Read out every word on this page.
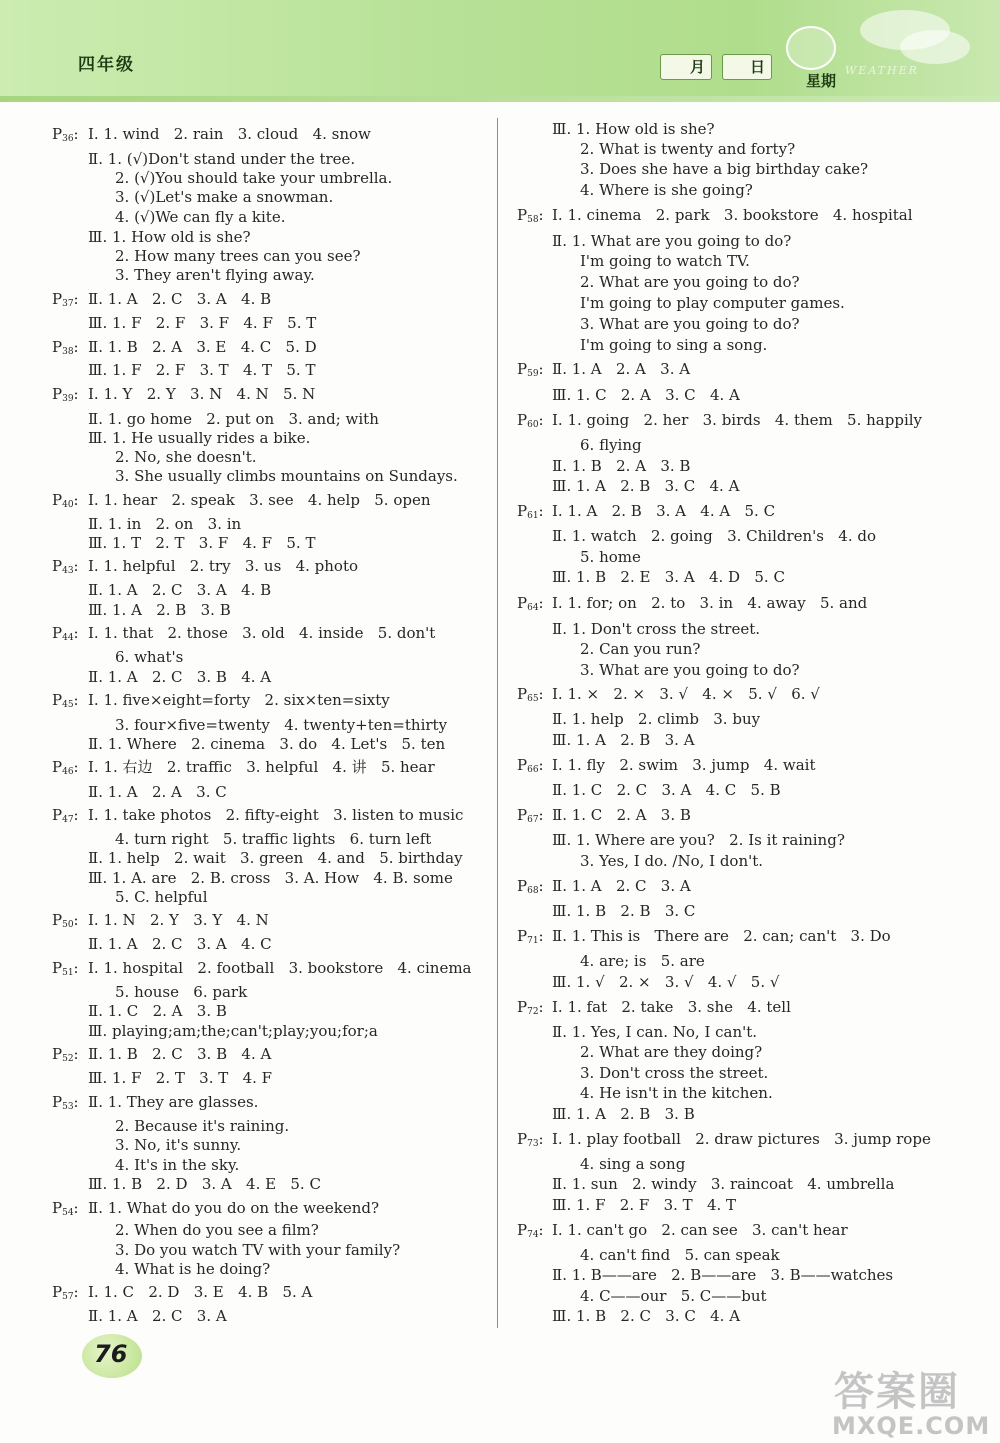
四年级	月	日
星期
WEATHER
$P_{36}$: Ⅰ. 1. wind   2. rain   3. cloud   4. snow
Ⅱ. 1. (√)Don't stand under the tree.
2. (√)You should take your umbrella.
3. (√)Let's make a snowman.
4. (√)We can fly a kite.
Ⅲ. 1. How old is she?
2. How many trees can you see?
3. They aren't flying away.
$P_{37}$: Ⅱ. 1. A   2. C   3. A   4. B
Ⅲ. 1. F   2. F   3. F   4. F   5. T
$P_{38}$: Ⅱ. 1. B   2. A   3. E   4. C   5. D
Ⅲ. 1. F   2. F   3. T   4. T   5. T
$P_{39}$: Ⅰ. 1. Y   2. Y   3. N   4. N   5. N
Ⅱ. 1. go home   2. put on   3. and; with
Ⅲ. 1. He usually rides a bike.
2. No, she doesn't.
3. She usually climbs mountains on Sundays.
$P_{40}$: Ⅰ. 1. hear   2. speak   3. see   4. help   5. open
Ⅱ. 1. in   2. on   3. in
Ⅲ. 1. T   2. T   3. F   4. F   5. T
$P_{43}$: Ⅰ. 1. helpful   2. try   3. us   4. photo
Ⅱ. 1. A   2. C   3. A   4. B
Ⅲ. 1. A   2. B   3. B
$P_{44}$: Ⅰ. 1. that   2. those   3. old   4. inside   5. don't
6. what's
Ⅱ. 1. A   2. C   3. B   4. A
$P_{45}$: Ⅰ. 1. five×eight=forty   2. six×ten=sixty
3. four×five=twenty   4. twenty+ten=thirty
Ⅱ. 1. Where   2. cinema   3. do   4. Let's   5. ten
$P_{46}$: Ⅰ. 1. 右边   2. traffic   3. helpful   4. 讲   5. hear
Ⅱ. 1. A   2. A   3. C
$P_{47}$: Ⅰ. 1. take photos   2. fifty-eight   3. listen to music
4. turn right   5. traffic lights   6. turn left
Ⅱ. 1. help   2. wait   3. green   4. and   5. birthday
Ⅲ. 1. A. are   2. B. cross   3. A. How   4. B. some
5. C. helpful
$P_{50}$: Ⅰ. 1. N   2. Y   3. Y   4. N
Ⅱ. 1. A   2. C   3. A   4. C
$P_{51}$: Ⅰ. 1. hospital   2. football   3. bookstore   4. cinema
5. house   6. park
Ⅱ. 1. C   2. A   3. B
Ⅲ. playing;am;the;can't;play;you;for;a
$P_{52}$: Ⅱ. 1. B   2. C   3. B   4. A
Ⅲ. 1. F   2. T   3. T   4. F
$P_{53}$: Ⅱ. 1. They are glasses.
2. Because it's raining.
3. No, it's sunny.
4. It's in the sky.
Ⅲ. 1. B   2. D   3. A   4. E   5. C
$P_{54}$: Ⅱ. 1. What do you do on the weekend?
2. When do you see a film?
3. Do you watch TV with your family?
4. What is he doing?
$P_{57}$: Ⅰ. 1. C   2. D   3. E   4. B   5. A
Ⅱ. 1. A   2. C   3. A
Ⅲ. 1. How old is she?
2. What is twenty and forty?
3. Does she have a big birthday cake?
4. Where is she going?
$P_{58}$: Ⅰ. 1. cinema   2. park   3. bookstore   4. hospital
Ⅱ. 1. What are you going to do?
I'm going to watch TV.
2. What are you going to do?
I'm going to play computer games.
3. What are you going to do?
I'm going to sing a song.
$P_{59}$: Ⅱ. 1. A   2. A   3. A
Ⅲ. 1. C   2. A   3. C   4. A
$P_{60}$: Ⅰ. 1. going   2. her   3. birds   4. them   5. happily
6. flying
Ⅱ. 1. B   2. A   3. B
Ⅲ. 1. A   2. B   3. C   4. A
$P_{61}$: Ⅰ. 1. A   2. B   3. A   4. A   5. C
Ⅱ. 1. watch   2. going   3. Children's   4. do
5. home
Ⅲ. 1. B   2. E   3. A   4. D   5. C
$P_{64}$: Ⅰ. 1. for; on   2. to   3. in   4. away   5. and
Ⅱ. 1. Don't cross the street.
2. Can you run?
3. What are you going to do?
$P_{65}$: Ⅰ. 1. ×   2. ×   3. √   4. ×   5. √   6. √
Ⅱ. 1. help   2. climb   3. buy
Ⅲ. 1. A   2. B   3. A
$P_{66}$: Ⅰ. 1. fly   2. swim   3. jump   4. wait
Ⅱ. 1. C   2. C   3. A   4. C   5. B
$P_{67}$: Ⅱ. 1. C   2. A   3. B
Ⅲ. 1. Where are you?   2. Is it raining?
3. Yes, I do. /No, I don't.
$P_{68}$: Ⅱ. 1. A   2. C   3. A
Ⅲ. 1. B   2. B   3. C
$P_{71}$: Ⅱ. 1. This is   There are   2. can; can't   3. Do
4. are; is   5. are
Ⅲ. 1. √   2. ×   3. √   4. √   5. √
$P_{72}$: Ⅰ. 1. fat   2. take   3. she   4. tell
Ⅱ. 1. Yes, I can. No, I can't.
2. What are they doing?
3. Don't cross the street.
4. He isn't in the kitchen.
Ⅲ. 1. A   2. B   3. B
$P_{73}$: Ⅰ. 1. play football   2. draw pictures   3. jump rope
4. sing a song
Ⅱ. 1. sun   2. windy   3. raincoat   4. umbrella
Ⅲ. 1. F   2. F   3. T   4. T
$P_{74}$: Ⅰ. 1. can't go   2. can see   3. can't hear
4. can't find   5. can speak
Ⅱ. 1. B——are   2. B——are   3. B——watches
4. C——our   5. C——but
Ⅲ. 1. B   2. C   3. C   4. A
76
答案圈
MXQE.COM
